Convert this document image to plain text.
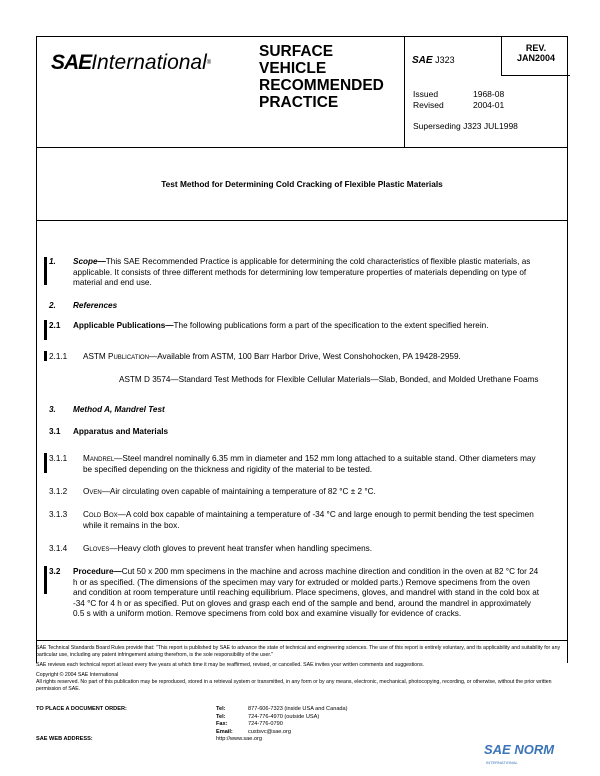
SAEInternational®
SURFACE
VEHICLE
RECOMMENDED
PRACTICE
SAE J323
REV.
JAN2004
Issued	1968-08
Revised	2004-01
Superseding J323 JUL1998
Test Method for Determining Cold Cracking of Flexible Plastic Materials
1. Scope—This SAE Recommended Practice is applicable for determining the cold characteristics of flexible plastic materials, as applicable. It consists of three different methods for determining low temperature properties of materials depending on type of material and end use.
2. References
2.1 Applicable Publications—The following publications form a part of the specification to the extent specified herein.
2.1.1 ASTM Publication—Available from ASTM, 100 Barr Harbor Drive, West Conshohocken, PA 19428-2959.
ASTM D 3574—Standard Test Methods for Flexible Cellular Materials—Slab, Bonded, and Molded Urethane Foams
3. Method A, Mandrel Test
3.1 Apparatus and Materials
3.1.1 Mandrel—Steel mandrel nominally 6.35 mm in diameter and 152 mm long attached to a suitable stand. Other diameters may be specified depending on the thickness and rigidity of the material to be tested.
3.1.2 Oven—Air circulating oven capable of maintaining a temperature of 82 °C ± 2 °C.
3.1.3 Cold Box—A cold box capable of maintaining a temperature of -34 °C and large enough to permit bending the test specimen while it remains in the box.
3.1.4 Gloves—Heavy cloth gloves to prevent heat transfer when handling specimens.
3.2 Procedure—Cut 50 x 200 mm specimens in the machine and across machine direction and condition in the oven at 82 °C for 24 h or as specified. (The dimensions of the specimen may vary for extruded or molded parts.) Remove specimens from the oven and condition at room temperature until reaching equilibrium. Place specimens, gloves, and mandrel with stand in the cold box at -34 °C for 4 h or as specified. Put on gloves and grasp each end of the sample and bend, around the mandrel in approximately 0.5 s with a uniform motion. Remove specimens from cold box and examine visually for evidence of cracks.
SAE Technical Standards Board Rules provide that: "This report is published by SAE to advance the state of technical and engineering sciences. The use of this report is entirely voluntary, and its applicability and suitability for any particular use, including any patent infringement arising therefrom, is the sole responsibility of the user."
SAE reviews each technical report at least every five years at which time it may be reaffirmed, revised, or cancelled. SAE invites your written comments and suggestions.
Copyright © 2004 SAE International
All rights reserved. No part of this publication may be reproduced, stored in a retrieval system or transmitted, in any form or by any means, electronic, mechanical, photocopying, recording, or otherwise, without the prior written permission of SAE.
TO PLACE A DOCUMENT ORDER:	Tel:	877-606-7323 (inside USA and Canada)
Tel:	724-776-4970 (outside USA)
Fax:	724-776-0790
Email:	custsvc@sae.org
SAE WEB ADDRESS:	http://www.sae.org
SAE NORM
INTERNATIONAL
